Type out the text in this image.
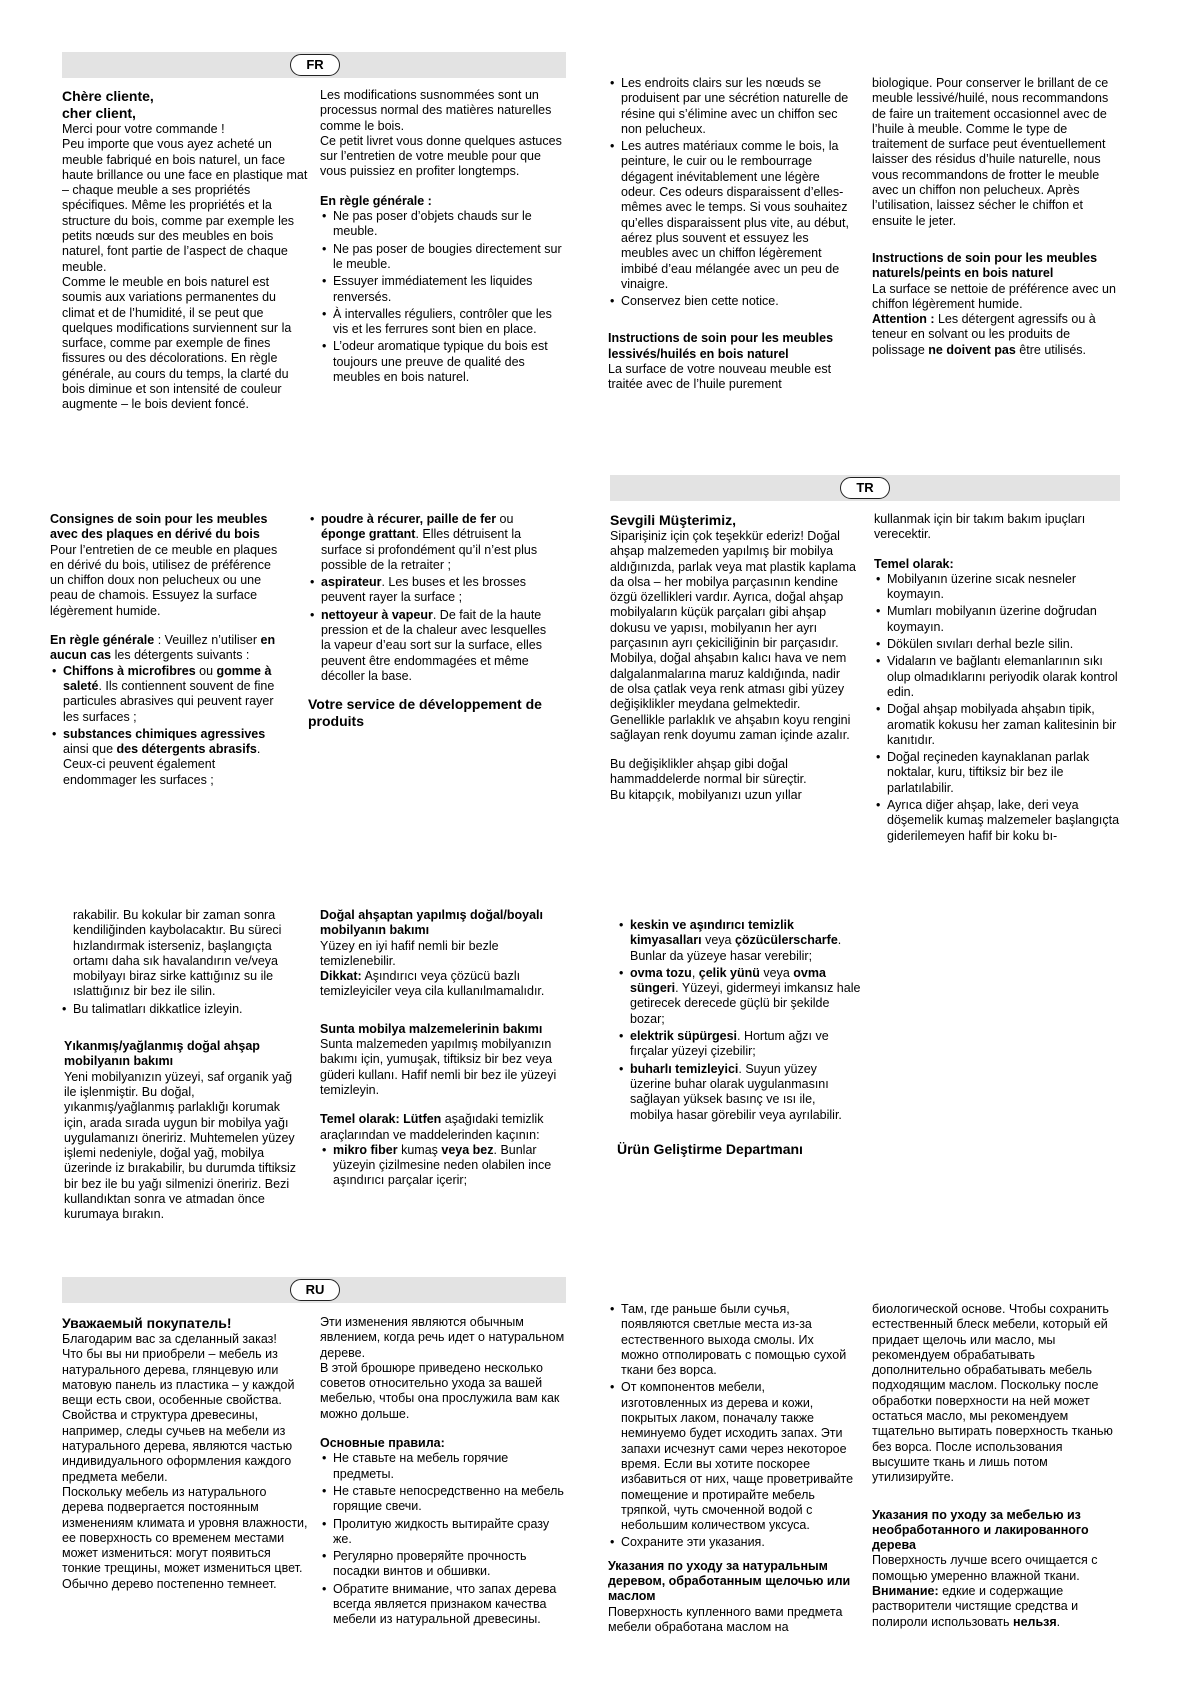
FR

Chère cliente,
cher client,

Merci pour votre commande !

Peu importe que vous ayez acheté un meuble fabriqué en bois naturel, un face haute brillance ou une face en plastique mat – chaque meuble a ses propriétés spécifiques. Même les propriétés et la structure du bois, comme par exemple les petits nœuds sur des meubles en bois naturel, font partie de l’aspect de chaque meuble.

Comme le meuble en bois naturel est soumis aux variations permanentes du climat et de l’humidité, il se peut que quelques modifications surviennent sur la surface, comme par exemple de fines fissures ou des décolorations. En règle générale, au cours du temps, la clarté du bois diminue et son intensité de couleur augmente – le bois devient foncé.

Les modifications susnommées sont un processus normal des matières naturelles comme le bois.

Ce petit livret vous donne quelques astuces sur l’entretien de votre meuble pour que vous puissiez en profiter longtemps.

En règle générale :

• Ne pas poser d’objets chauds sur le meuble.
• Ne pas poser de bougies directement sur le meuble.
• Essuyer immédiatement les liquides renversés.
• À intervalles réguliers, contrôler que les vis et les ferrures sont bien en place.
• L’odeur aromatique typique du bois est toujours une preuve de qualité des meubles en bois naturel.
• Les endroits clairs sur les nœuds se produisent par une sécrétion naturelle de résine qui s’élimine avec un chiffon sec non pelucheux.
• Les autres matériaux comme le bois, la peinture, le cuir ou le rembourrage dégagent inévitablement une légère odeur. Ces odeurs disparaissent d’elles-mêmes avec le temps. Si vous souhaitez qu’elles disparaissent plus vite, au début, aérez plus souvent et essuyez les meubles avec un chiffon légèrement imbibé d’eau mélangée avec un peu de vinaigre.
• Conservez bien cette notice.

Instructions de soin pour les meubles lessivés/huilés en bois naturel

La surface de votre nouveau meuble est traitée avec de l’huile purement

biologique. Pour conserver le brillant de ce meuble lessivé/huilé, nous recommandons de faire un traitement occasionnel avec de l’huile à meuble. Comme le type de traitement de surface peut éventuellement laisser des résidus d’huile naturelle, nous vous recommandons de frotter le meuble avec un chiffon non pelucheux. Après l’utilisation, laissez sécher le chiffon et ensuite le jeter.

Instructions de soin pour les meubles naturels/peints en bois naturel

La surface se nettoie de préférence avec un chiffon légèrement humide.

Attention : Les détergent agressifs ou à teneur en solvant ou les produits de polissage ne doivent pas être utilisés.

Consignes de soin pour les meubles avec des plaques en dérivé du bois

Pour l’entretien de ce meuble en plaques en dérivé du bois, utilisez de préférence un chiffon doux non pelucheux ou une peau de chamois. Essuyez la surface légèrement humide.

En règle générale : Veuillez n’utiliser en aucun cas les détergents suivants :

• Chiffons à microfibres ou gomme à saleté. Ils contiennent souvent de fine particules abrasives qui peuvent rayer les surfaces ;
• substances chimiques agressives ainsi que des détergents abrasifs. Ceux-ci peuvent également endommager les surfaces ;
• poudre à récurer, paille de fer ou éponge grattant. Elles détruisent la surface si profondément qu’il n’est plus possible de la retraiter ;
• aspirateur. Les buses et les brosses peuvent rayer la surface ;
• nettoyeur à vapeur. De fait de la haute pression et de la chaleur avec lesquelles la vapeur d’eau sort sur la surface, elles peuvent être endommagées et même décoller la base.

Votre service de développement de produits

TR

Sevgili Müşterimiz,

Siparişiniz için çok teşekkür ederiz! Doğal ahşap malzemeden yapılmış bir mobilya aldığınızda, parlak veya mat plastik kaplama da olsa – her mobilya parçasının kendine özgü özellikleri vardır. Ayrıca, doğal ahşap mobilyaların küçük parçaları gibi ahşap dokusu ve yapısı, mobilyanın her ayrı parçasının ayrı çekiciliğinin bir parçasıdır.

Mobilya, doğal ahşabın kalıcı hava ve nem dalgalanmalarına maruz kaldığında, nadir de olsa çatlak veya renk atması gibi yüzey değişiklikler meydana gelmektedir. Genellikle parlaklık ve ahşabın koyu rengini sağlayan renk doyumu zaman içinde azalır.

Bu değişiklikler ahşap gibi doğal hammaddelerde normal bir süreçtir.

Bu kitapçık, mobilyanızı uzun yıllar

kullanmak için bir takım bakım ipuçları verecektir.

Temel olarak:

• Mobilyanın üzerine sıcak nesneler koymayın.
• Mumları mobilyanın üzerine doğrudan koymayın.
• Dökülen sıvıları derhal bezle silin.
• Vidaların ve bağlantı elemanlarının sıkı olup olmadıklarını periyodik olarak kontrol edin.
• Doğal ahşap mobilyada ahşabın tipik, aromatik kokusu her zaman kalitesinin bir kanıtıdır.
• Doğal reçineden kaynaklanan parlak noktalar, kuru, tiftiksiz bir bez ile parlatılabilir.
• Ayrıca diğer ahşap, lake, deri veya döşemelik kumaş malzemeler başlangıçta giderilemeyen hafif bir koku bı-
rakabilir. Bu kokular bir zaman sonra kendiliğinden kaybolacaktır. Bu süreci hızlandırmak isterseniz, başlangıçta ortamı daha sık havalandırın ve/veya mobilyayı biraz sirke kattığınız su ile ıslattığınız bir bez ile silin.
• Bu talimatları dikkatlice izleyin.

Yıkanmış/yağlanmış doğal ahşap mobilyanın bakımı

Yeni mobilyanızın yüzeyi, saf organik yağ ile işlenmiştir. Bu doğal, yıkanmış/yağlanmış parlaklığı korumak için, arada sırada uygun bir mobilya yağı uygulamanızı öneririz. Muhtemelen yüzey işlemi nedeniyle, doğal yağ, mobilya üzerinde iz bırakabilir, bu durumda tiftiksiz bir bez ile bu yağı silmenizi öneririz. Bezi kullandıktan sonra ve atmadan önce kurumaya bırakın.

Doğal ahşaptan yapılmış doğal/boyalı mobilyanın bakımı

Yüzey en iyi hafif nemli bir bezle temizlenebilir.

Dikkat: Aşındırıcı veya çözücü bazlı temizleyiciler veya cila kullanılmamalıdır.

Sunta mobilya malzemelerinin bakımı

Sunta malzemeden yapılmış mobilyanızın bakımı için, yumuşak, tiftiksiz bir bez veya güderi kullanı. Hafif nemli bir bez ile yüzeyi temizleyin.

Temel olarak: Lütfen aşağıdaki temizlik araçlarından ve maddelerinden kaçının:

• mikro fiber kumaş veya bez. Bunlar yüzeyin çizilmesine neden olabilen ince aşındırıcı parçalar içerir;
• keskin ve aşındırıcı temizlik kimyasalları veya çözücülerscharfe. Bunlar da yüzeye hasar verebilir;
• ovma tozu, çelik yünü veya ovma süngeri. Yüzeyi, gidermeyi imkansız hale getirecek derecede güçlü bir şekilde bozar;
• elektrik süpürgesi. Hortum ağzı ve fırçalar yüzeyi çizebilir;
• buharlı temizleyici. Suyun yüzey üzerine buhar olarak uygulanmasını sağlayan yüksek basınç ve ısı ile, mobilya hasar görebilir veya ayrılabilir.

Ürün Geliştirme Departmanı

RU

Уважаемый покупатель!

Благодарим вас за сделанный заказ!

Что бы вы ни приобрели – мебель из натурального дерева, глянцевую или матовую панель из пластика – у каждой вещи есть свои, особенные свойства. Свойства и структура древесины, например, следы сучьев на мебели из натурального дерева, являются частью индивидуального оформления каждого предмета мебели.

Поскольку мебель из натурального дерева подвергается постоянным изменениям климата и уровня влажности, ее поверхность со временем местами может измениться: могут появиться тонкие трещины, может измениться цвет. Обычно дерево постепенно темнеет.

Эти изменения являются обычным явлением, когда речь идет о натуральном дереве.

В этой брошюре приведено несколько советов относительно ухода за вашей мебелью, чтобы она прослужила вам как можно дольше.

Основные правила:

• Не ставьте на мебель горячие предметы.
• Не ставьте непосредственно на мебель горящие свечи.
• Пролитую жидкость вытирайте сразу же.
• Регулярно проверяйте прочность посадки винтов и обшивки.
• Обратите внимание, что запах дерева всегда является признаком качества мебели из натуральной древесины.
• Там, где раньше были сучья, появляются светлые места из-за естественного выхода смолы. Их можно отполировать с помощью сухой ткани без ворса.
• От компонентов мебели, изготовленных из дерева и кожи, покрытых лаком, поначалу также неминуемо будет исходить запах. Эти запахи исчезнут сами через некоторое время. Если вы хотите поскорее избавиться от них, чаще проветривайте помещение и протирайте мебель тряпкой, чуть смоченной водой с небольшим количеством уксуса.
• Сохраните эти указания.

Указания по уходу за натуральным деревом, обработанным щелочью или маслом

Поверхность купленного вами предмета мебели обработана маслом на

биологической основе. Чтобы сохранить естественный блеск мебели, который ей придает щелочь или масло, мы рекомендуем обрабатывать дополнительно обрабатывать мебель подходящим маслом. Поскольку после обработки поверхности на ней может остаться масло, мы рекомендуем тщательно вытирать поверхность тканью без ворса. После использования высушите ткань и лишь потом утилизируйте.

Указания по уходу за мебелью из необработанного и лакированного дерева

Поверхность лучше всего очищается с помощью умеренно влажной ткани.

Внимание: едкие и содержащие растворители чистящие средства и полироли использовать нельзя.
